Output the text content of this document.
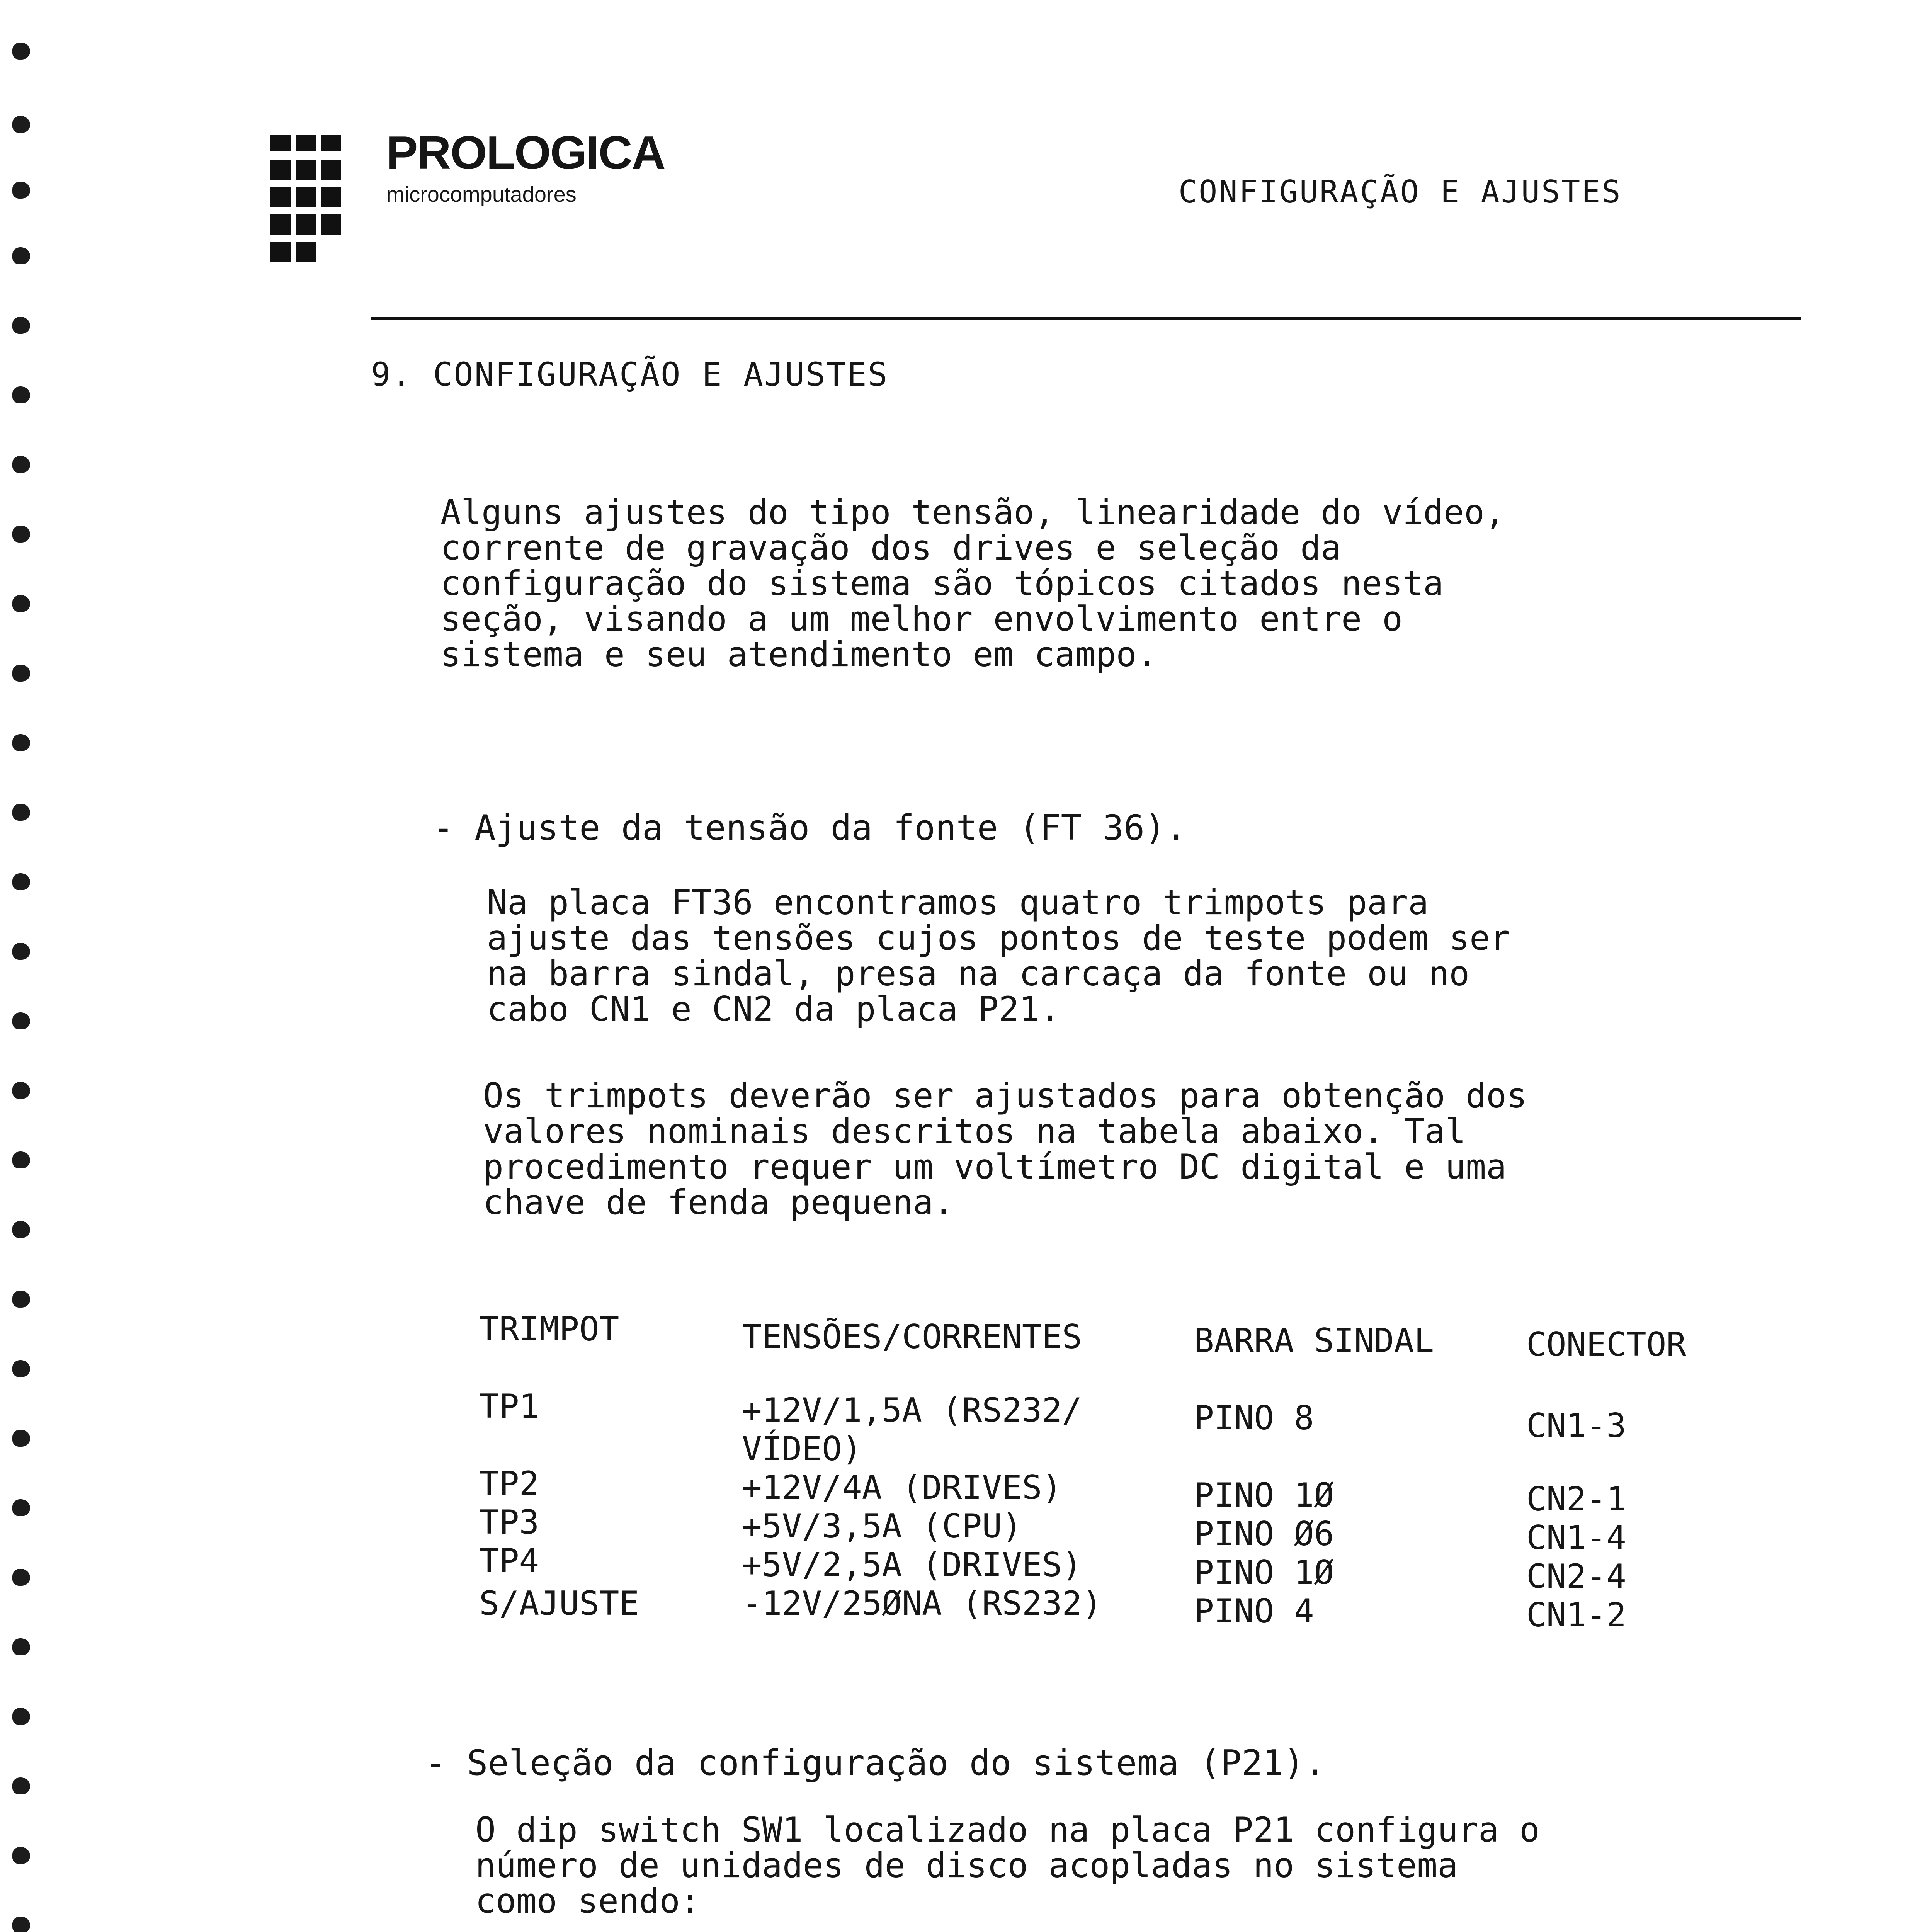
PROLOGICA
microcomputadores	CONFIGURAÇÃO E AJUSTES
9. CONFIGURAÇÃO E AJUSTES
Alguns ajustes do tipo tensão, linearidade do vídeo,
corrente de gravação dos drives e seleção da
configuração do sistema são tópicos citados nesta
seção, visando a um melhor envolvimento entre o
sistema e seu atendimento em campo.
- Ajuste da tensão da fonte (FT 36).
Na placa FT36 encontramos quatro trimpots para
ajuste das tensões cujos pontos de teste podem ser
na barra sindal, presa na carcaça da fonte ou no
cabo CN1 e CN2 da placa P21.
Os trimpots deverão ser ajustados para obtenção dos
valores nominais descritos na tabela abaixo. Tal
procedimento requer um voltímetro DC digital e uma
chave de fenda pequena.
TRIMPOT	TENSÕES/CORRENTES	BARRA SINDAL	CONECTOR
TP1	+12V/1,5A (RS232/	PINO 8	CN1-3
VÍDEO)
TP2	+12V/4A (DRIVES)	PINO 1Ø	CN2-1
TP3	+5V/3,5A (CPU)	PINO Ø6	CN1-4
TP4	+5V/2,5A (DRIVES)	PINO 1Ø	CN2-4
S/AJUSTE	-12V/25ØNA (RS232)	PINO 4	CN1-2
- Seleção da configuração do sistema (P21).
O dip switch SW1 localizado na placa P21 configura o
número de unidades de disco acopladas no sistema
como sendo:
